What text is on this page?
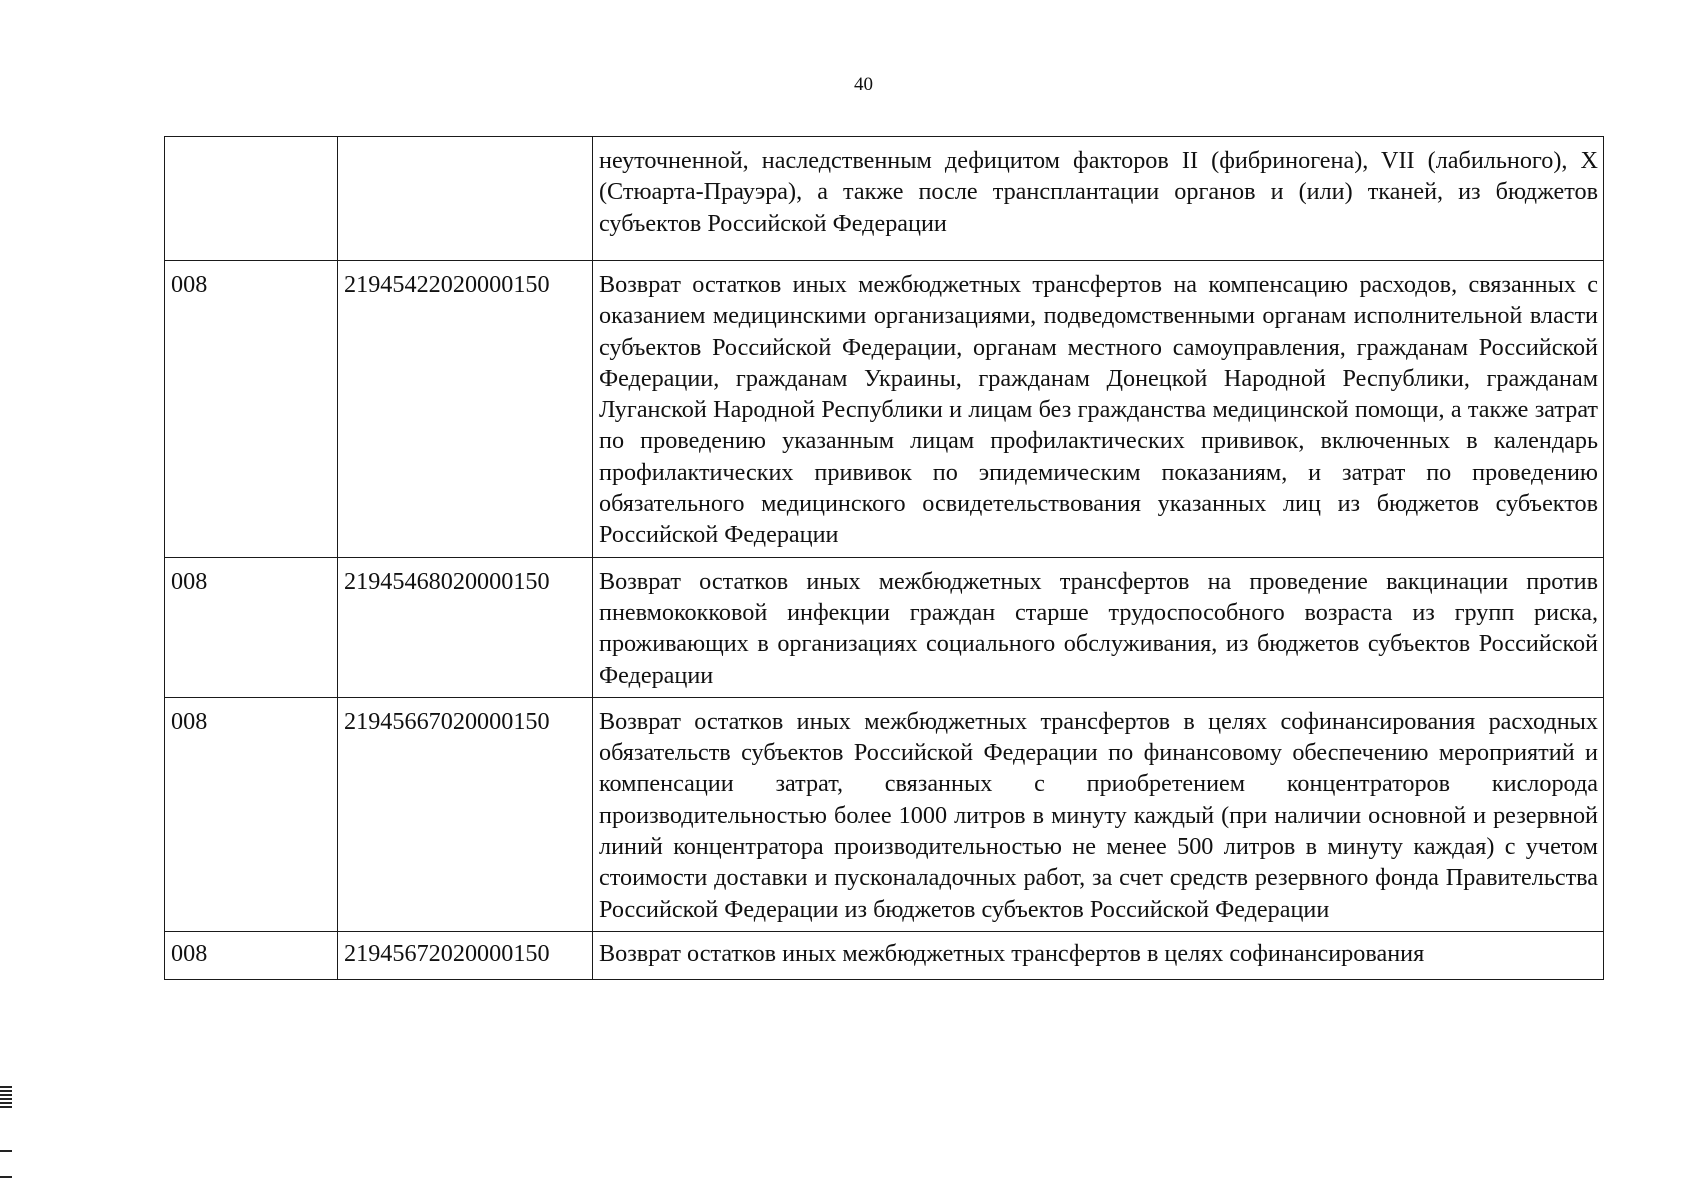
40
		неуточненной, наследственным дефицитом факторов II (фибриногена), VII (лабильного), X (Стюарта-Прауэра), а также после трансплантации органов и (или) тканей, из бюджетов субъектов Российской Федерации
008	21945422020000150	Возврат остатков иных межбюджетных трансфертов на компенсацию расходов, связанных с оказанием медицинскими организациями, подведомственными органам исполнительной власти субъектов Российской Федерации, органам местного самоуправления, гражданам Российской Федерации, гражданам Украины, гражданам Донецкой Народной Республики, гражданам Луганской Народной Республики и лицам без гражданства медицинской помощи, а также затрат по проведению указанным лицам профилактических прививок, включенных в календарь профилактических прививок по эпидемическим показаниям, и затрат по проведению обязательного медицинского освидетельствования указанных лиц из бюджетов субъектов Российской Федерации
008	21945468020000150	Возврат остатков иных межбюджетных трансфертов на проведение вакцинации против пневмококковой инфекции граждан старше трудоспособного возраста из групп риска, проживающих в организациях социального обслуживания, из бюджетов субъектов Российской Федерации
008	21945667020000150	Возврат остатков иных межбюджетных трансфертов в целях софинансирования расходных обязательств субъектов Российской Федерации по финансовому обеспечению мероприятий и компенсации затрат, связанных с приобретением концентраторов кислорода производительностью более 1000 литров в минуту каждый (при наличии основной и резервной линий концентратора производительностью не менее 500 литров в минуту каждая) с учетом стоимости доставки и пусконаладочных работ, за счет средств резервного фонда Правительства Российской Федерации из бюджетов субъектов Российской Федерации
008	21945672020000150	Возврат остатков иных межбюджетных трансфертов в целях софинансирования
